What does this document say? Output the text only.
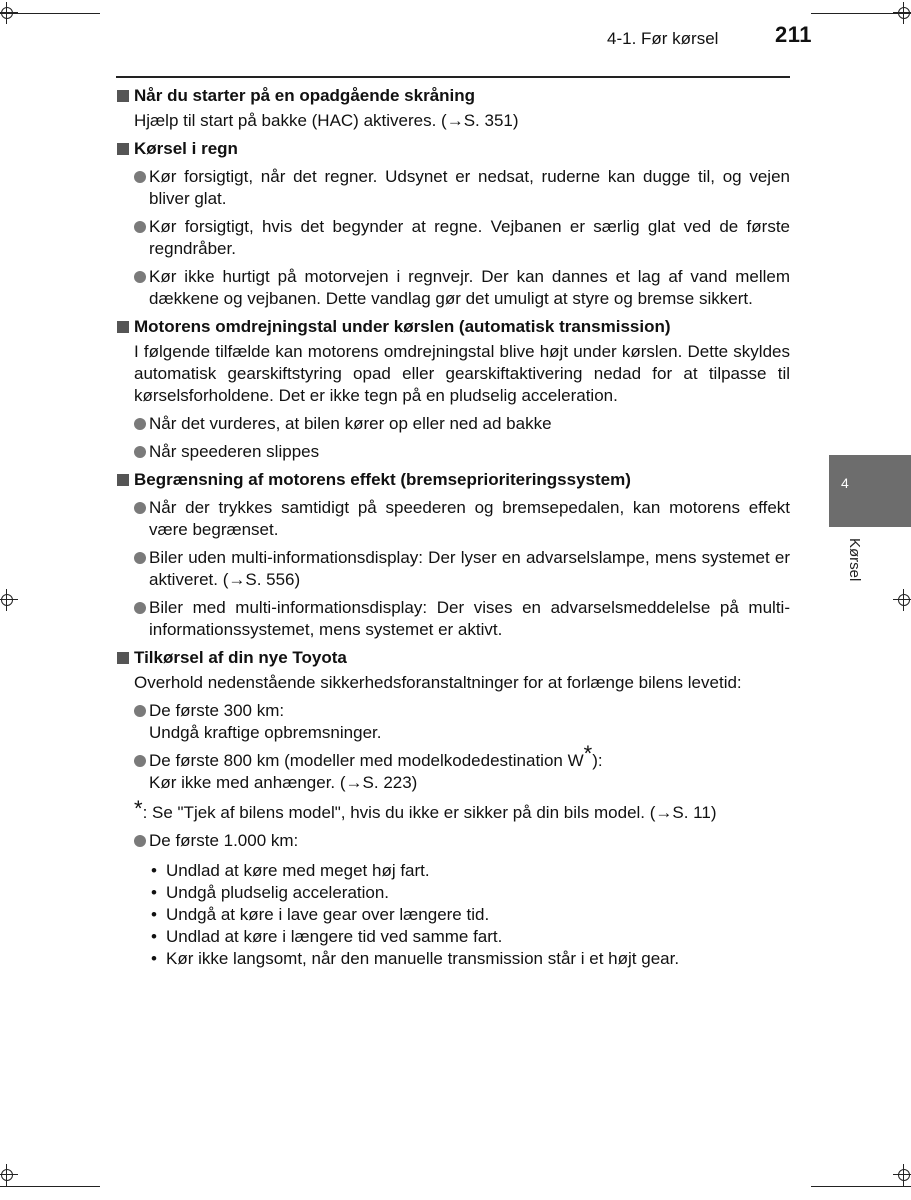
4-1. Før kørsel	211
4
Kørsel
Når du starter på en opadgående skråning
Hjælp til start på bakke (HAC) aktiveres. (→S. 351)
Kørsel i regn
Kør forsigtigt, når det regner. Udsynet er nedsat, ruderne kan dugge til, og vejen bliver glat.
Kør forsigtigt, hvis det begynder at regne. Vejbanen er særlig glat ved de første regndråber.
Kør ikke hurtigt på motorvejen i regnvejr. Der kan dannes et lag af vand mellem dækkene og vejbanen. Dette vandlag gør det umuligt at styre og bremse sikkert.
Motorens omdrejningstal under kørslen (automatisk transmission)
I følgende tilfælde kan motorens omdrejningstal blive højt under kørslen. Dette skyldes automatisk gearskiftstyring opad eller gearskiftaktivering nedad for at tilpasse til kørselsforholdene. Det er ikke tegn på en pludselig acceleration.
Når det vurderes, at bilen kører op eller ned ad bakke
Når speederen slippes
Begrænsning af motorens effekt (bremseprioriteringssystem)
Når der trykkes samtidigt på speederen og bremsepedalen, kan motorens effekt være begrænset.
Biler uden multi-informationsdisplay: Der lyser en advarselslampe, mens systemet er aktiveret. (→S. 556)
Biler med multi-informationsdisplay: Der vises en advarselsmeddelelse på multi-informationssystemet, mens systemet er aktivt.
Tilkørsel af din nye Toyota
Overhold nedenstående sikkerhedsforanstaltninger for at forlænge bilens levetid:
De første 300 km:
Undgå kraftige opbremsninger.
De første 800 km (modeller med modelkodedestination W*):
Kør ikke med anhænger. (→S. 223)
* : Se "Tjek af bilens model", hvis du ikke er sikker på din bils model. (→S. 11)
De første 1.000 km:
• Undlad at køre med meget høj fart.
• Undgå pludselig acceleration.
• Undgå at køre i lave gear over længere tid.
• Undlad at køre i længere tid ved samme fart.
• Kør ikke langsomt, når den manuelle transmission står i et højt gear.
